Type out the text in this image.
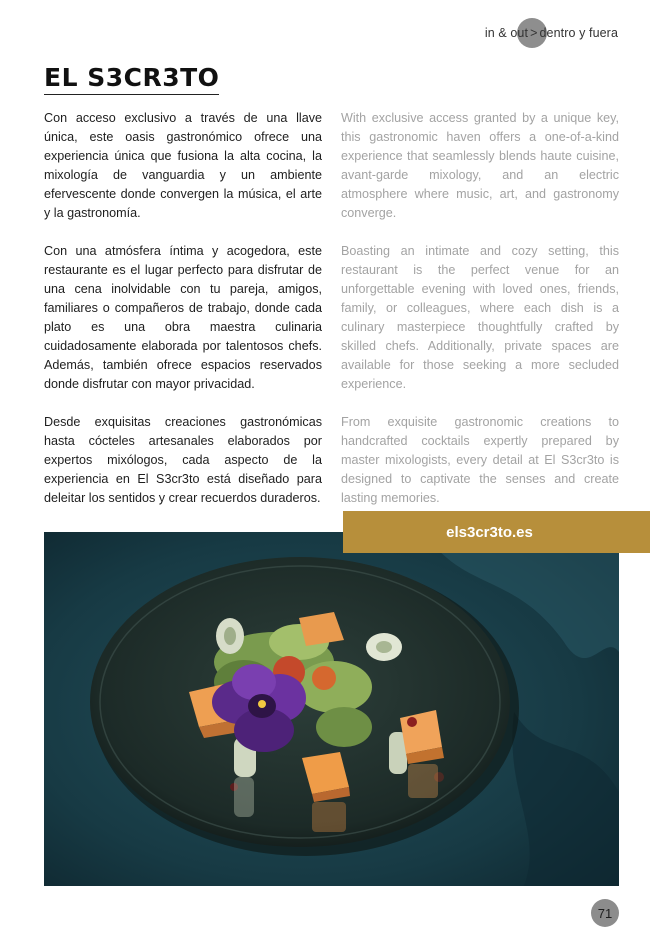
in & out > dentro y fuera
EL S3CR3TO

Con acceso exclusivo a través de una llave única, este oasis gastronómico ofrece una experiencia única que fusiona la alta cocina, la mixología de vanguardia y un ambiente efervescente donde convergen la música, el arte y la gastronomía.

Con una atmósfera íntima y acogedora, este restaurante es el lugar perfecto para disfrutar de una cena inolvidable con tu pareja, amigos, familiares o compañeros de trabajo, donde cada plato es una obra maestra culinaria cuidadosamente elaborada por talentosos chefs. Además, también ofrece espacios reservados donde disfrutar con mayor privacidad.

Desde exquisitas creaciones gastronómicas hasta cócteles artesanales elaborados por expertos mixólogos, cada aspecto de la experiencia en El S3cr3to está diseñado para deleitar los sentidos y crear recuerdos duraderos.

With exclusive access granted by a unique key, this gastronomic haven offers a one-of-a-kind experience that seamlessly blends haute cuisine, avant-garde mixology, and an electric atmosphere where music, art, and gastronomy converge.

Boasting an intimate and cozy setting, this restaurant is the perfect venue for an unforgettable evening with loved ones, friends, family, or colleagues, where each dish is a culinary masterpiece thoughtfully crafted by skilled chefs. Additionally, private spaces are available for those seeking a more secluded experience.

From exquisite gastronomic creations to handcrafted cocktails expertly prepared by master mixologists, every detail at El S3cr3to is designed to captivate the senses and create lasting memories.

els3cr3to.es
71
